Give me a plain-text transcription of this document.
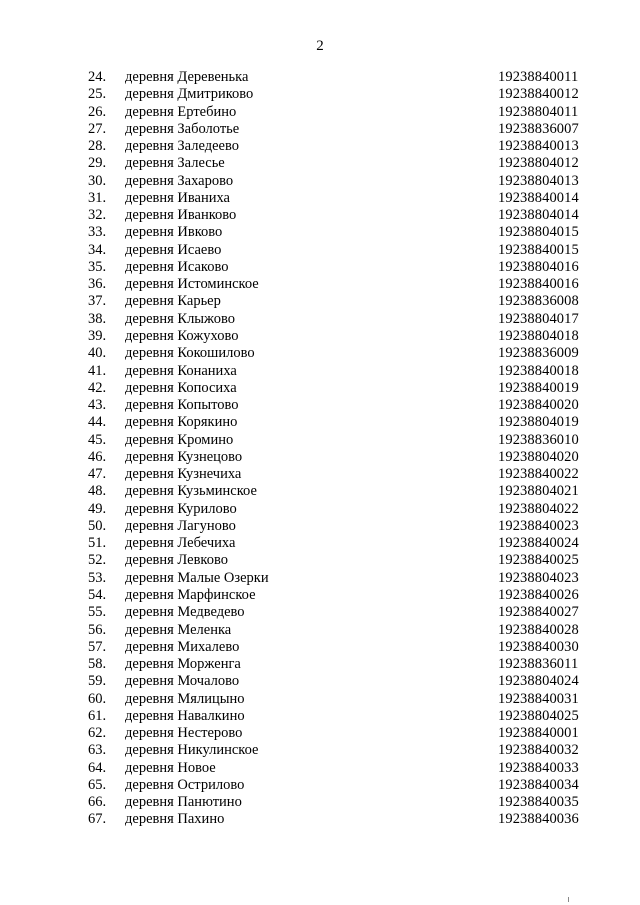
2
24. деревня Деревенька	19238840011
25. деревня Дмитриково	19238840012
26. деревня Ертебино	19238804011
27. деревня Заболотье	19238836007
28. деревня Заледеево	19238840013
29. деревня Залесье	19238804012
30. деревня Захарово	19238804013
31. деревня Иваниха	19238840014
32. деревня Иванково	19238804014
33. деревня Ивково	19238804015
34. деревня Исаево	19238840015
35. деревня Исаково	19238804016
36. деревня Истоминское	19238840016
37. деревня Карьер	19238836008
38. деревня Клыжово	19238804017
39. деревня Кожухово	19238804018
40. деревня Кокошилово	19238836009
41. деревня Конаниха	19238840018
42. деревня Копосиха	19238840019
43. деревня Копытово	19238840020
44. деревня Корякино	19238804019
45. деревня Кромино	19238836010
46. деревня Кузнецово	19238804020
47. деревня Кузнечиха	19238840022
48. деревня Кузьминское	19238804021
49. деревня Курилово	19238804022
50. деревня Лагуново	19238840023
51. деревня Лебечиха	19238840024
52. деревня Левково	19238840025
53. деревня Малые Озерки	19238804023
54. деревня Марфинское	19238840026
55. деревня Медведево	19238840027
56. деревня Меленка	19238840028
57. деревня Михалево	19238840030
58. деревня Морженга	19238836011
59. деревня Мочалово	19238804024
60. деревня Мялицыно	19238840031
61. деревня Навалкино	19238804025
62. деревня Нестерово	19238840001
63. деревня Никулинское	19238840032
64. деревня Новое	19238840033
65. деревня Острилово	19238840034
66. деревня Панютино	19238840035
67. деревня Пахино	19238840036
